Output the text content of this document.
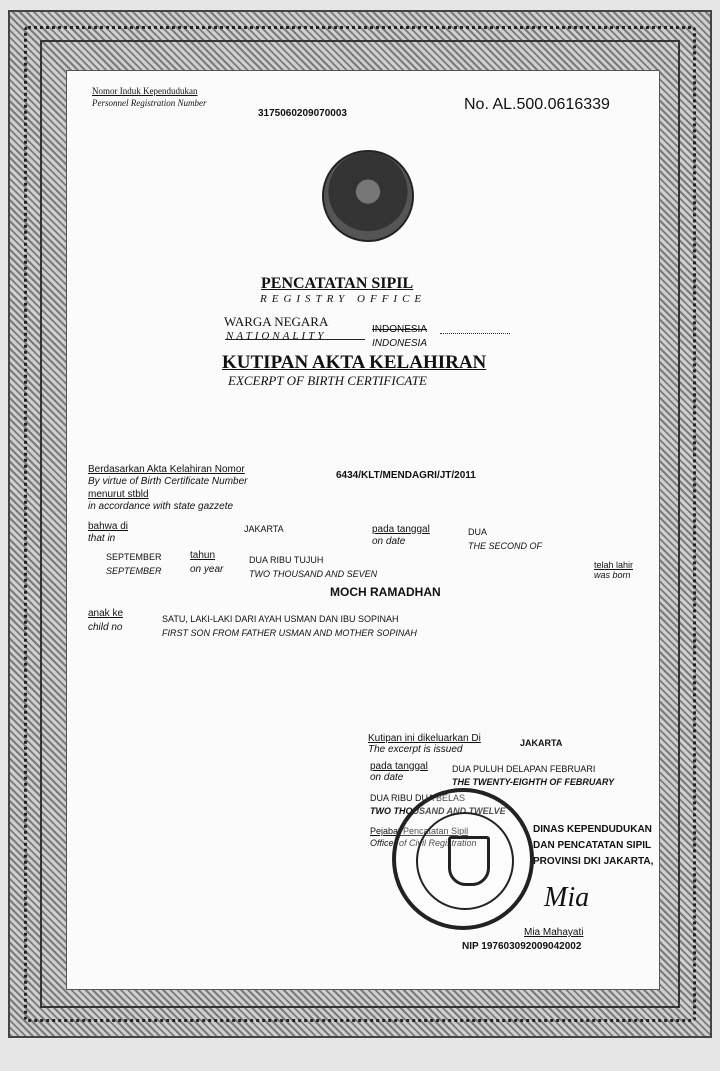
Nomor Induk Kependudukan
Personnel Registration Number
3175060209070003
No. AL.500.0616339
PENCATATAN SIPIL
REGISTRY OFFICE
WARGA NEGARA
NATIONALITY
INDONESIA
INDONESIA
KUTIPAN AKTA KELAHIRAN
EXCERPT OF BIRTH CERTIFICATE
Berdasarkan Akta Kelahiran Nomor
By virtue of Birth Certificate Number
6434/KLT/MENDAGRI/JT/2011
menurut stbld
in accordance with state gazzete
bahwa di
that in
JAKARTA	pada tanggal
on date
DUA
THE SECOND OF
SEPTEMBER
SEPTEMBER
tahun
on year
DUA RIBU TUJUH
TWO THOUSAND AND SEVEN
telah lahir
was born
MOCH RAMADHAN
anak ke
child no
SATU, LAKI-LAKI DARI AYAH USMAN DAN IBU SOPINAH
FIRST SON FROM FATHER USMAN AND MOTHER SOPINAH
Kutipan ini dikeluarkan Di
The excerpt is issued
JAKARTA
pada tanggal
on date
DUA PULUH DELAPAN FEBRUARI
THE TWENTY-EIGHTH OF FEBRUARY
DUA RIBU DUA BELAS
TWO THOUSAND AND TWELVE
Pejabat Pencatatan Sipil
Officer of Civil Registration
DINAS KEPENDUDUKAN
DAN PENCATATAN SIPIL
PROVINSI DKI JAKARTA,
Mia
Mia Mahayati
NIP 197603092009042002
